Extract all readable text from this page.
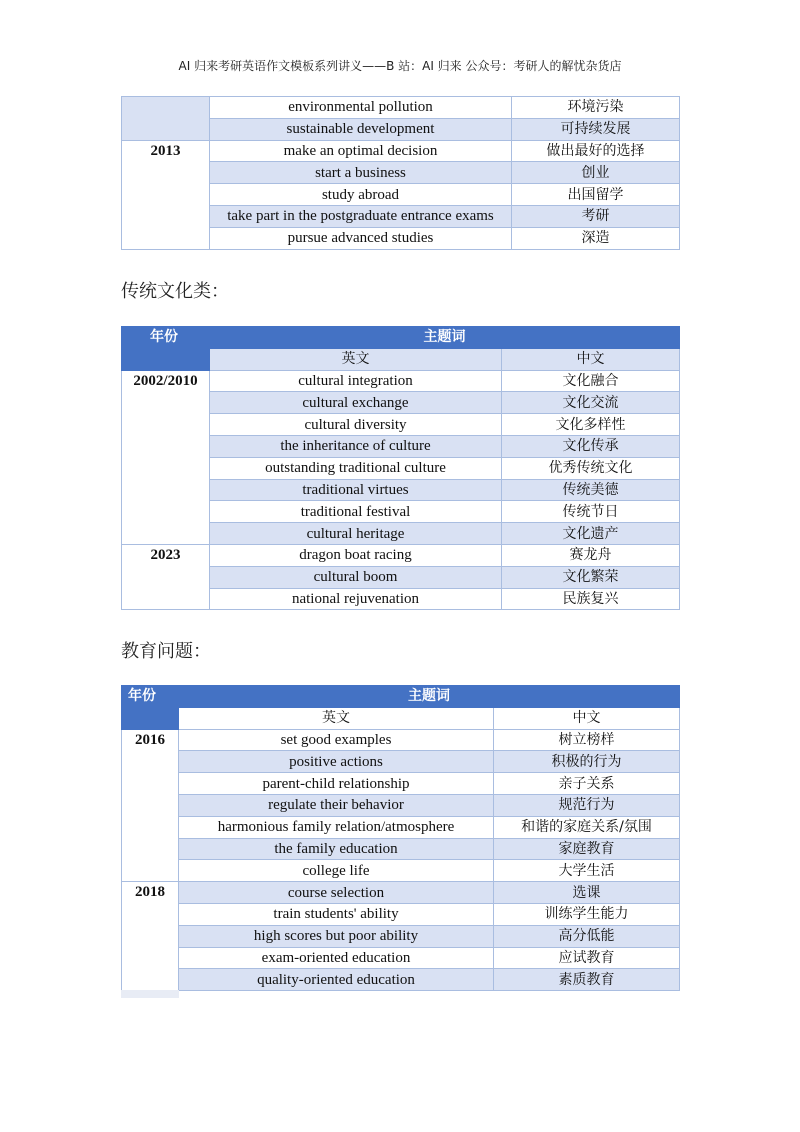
AI 归来考研英语作文模板系列讲义——B 站：AI 归来 公众号：考研人的解忧杂货店
	environmental pollution	环境污染
	sustainable development	可持续发展
2013	make an optimal decision	做出最好的选择
	start a business	创业
	study abroad	出国留学
	take part in the postgraduate entrance exams	考研
	pursue advanced studies	深造
传统文化类：
年份	主题词	
	英文	中文
2002/2010	cultural integration	文化融合
	cultural exchange	文化交流
	cultural diversity	文化多样性
	the inheritance of culture	文化传承
	outstanding traditional culture	优秀传统文化
	traditional virtues	传统美德
	traditional festival	传统节日
	cultural heritage	文化遗产
2023	dragon boat racing	赛龙舟
	cultural boom	文化繁荣
	national rejuvenation	民族复兴
教育问题：
年份	主题词	
	英文	中文
2016	set good examples	树立榜样
	positive actions	积极的行为
	parent-child relationship	亲子关系
	regulate their behavior	规范行为
	harmonious family relation/atmosphere	和谐的家庭关系/氛围
	the family education	家庭教育
	college life	大学生活
2018	course selection	选课
	train students' ability	训练学生能力
	high scores but poor ability	高分低能
	exam-oriented education	应试教育
	quality-oriented education	素质教育
